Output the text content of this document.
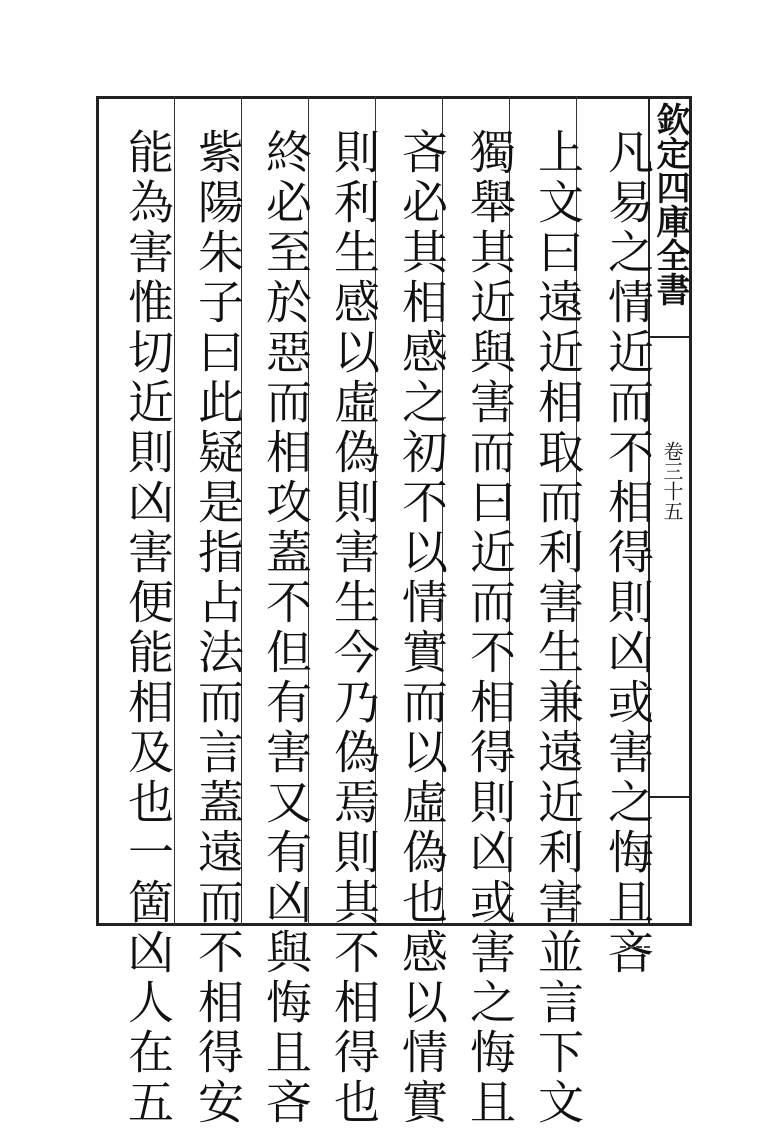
欽定四庫全書
卷三十五
凡易之情近而不相得則凶或害之悔且吝
上文曰遠近相取而利害生兼遠近利害並言下文
獨舉其近與害而曰近而不相得則凶或害之悔且
吝必其相感之初不以情實而以虛偽也感以情實
則利生感以虛偽則害生今乃偽焉則其不相得也
終必至於惡而相攻蓋不但有害又有凶與悔且吝
紫陽朱子曰此疑是指占法而言蓋遠而不相得安
能為害惟切近則凶害便能相及也一箇凶人在五
